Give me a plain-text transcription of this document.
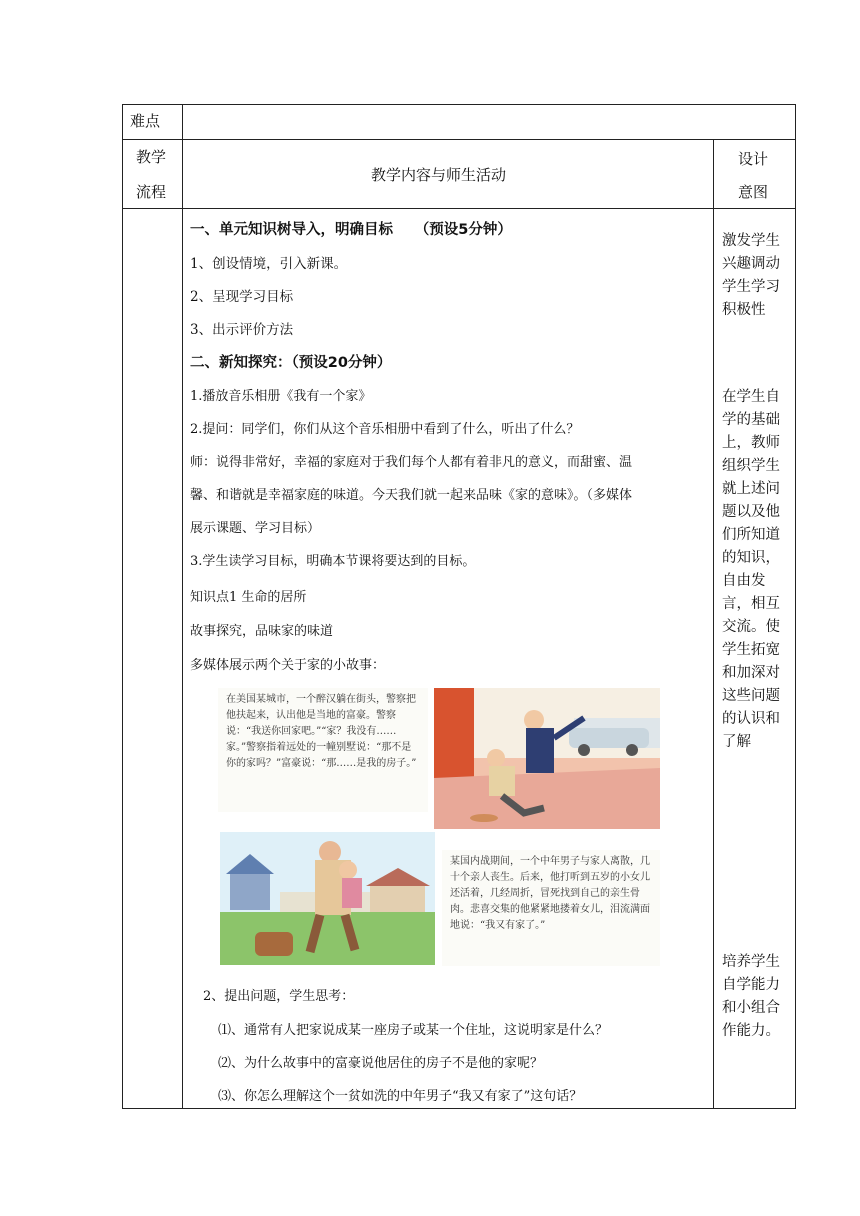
难点
教学
流程
教学内容与师生活动
设计
意图
一、单元知识树导入，明确目标　　（预设5分钟）
1、创设情境，引入新课。
2、呈现学习目标
3、出示评价方法
二、新知探究：（预设20分钟）
1.播放音乐相册《我有一个家》
2.提问：同学们，你们从这个音乐相册中看到了什么，听出了什么？
师：说得非常好，幸福的家庭对于我们每个人都有着非凡的意义，而甜蜜、温
馨、和谐就是幸福家庭的味道。今天我们就一起来品味《家的意味》。（多媒体
展示课题、学习目标）
3.学生读学习目标，明确本节课将要达到的目标。
知识点1 生命的居所
故事探究，品味家的味道
多媒体展示两个关于家的小故事：
在美国某城市，一个醉汉躺在街头，警察把他扶起来，认出他是当地的富豪。警察说：“我送你回家吧。”“家？我没有……家。”警察指着远处的一幢别墅说：“那不是你的家吗？”富豪说：“那……是我的房子。”
某国内战期间，一个中年男子与家人离散，几十个亲人丧生。后来，他打听到五岁的小女儿还活着，几经周折，冒死找到自己的亲生骨肉。悲喜交集的他紧紧地搂着女儿，泪流满面地说：“我又有家了。”
2、提出问题，学生思考：
⑴、通常有人把家说成某一座房子或某一个住址，这说明家是什么？
⑵、为什么故事中的富豪说他居住的房子不是他的家呢？
⑶、你怎么理解这个一贫如洗的中年男子“我又有家了”这句话？
激发学生兴趣调动学生学习积极性
在学生自学的基础上，教师组织学生就上述问题以及他们所知道的知识，自由发言，相互交流。使学生拓宽和加深对这些问题的认识和了解
培养学生自学能力和小组合作能力。
